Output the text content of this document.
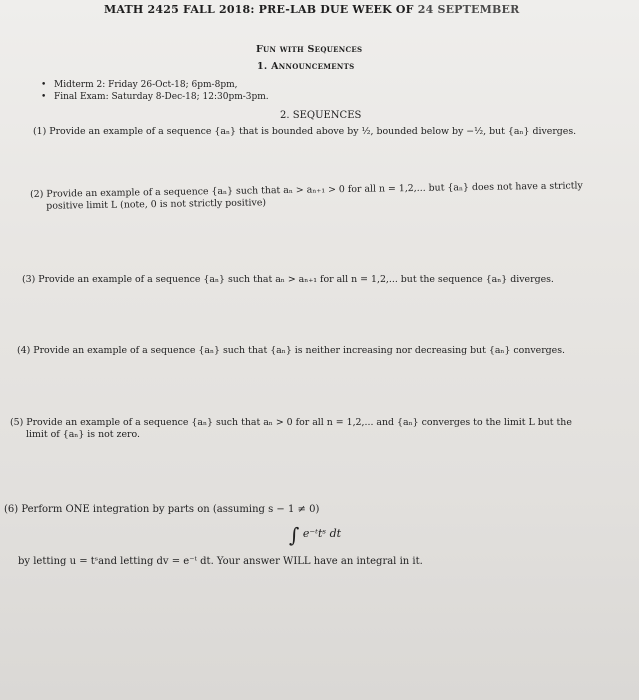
MATH 2425 FALL 2018: PRE-LAB DUE WEEK OF 24 SEPTEMBER
Fun with Sequences
1. Announcements
• Midterm 2: Friday 26-Oct-18; 6pm-8pm,
• Final Exam: Saturday 8-Dec-18; 12:30pm-3pm.
2. SEQUENCES
(1) Provide an example of a sequence {aₙ} that is bounded above by ¹⁄₂, bounded below by −¹⁄₂, but {aₙ} diverges.
(2) Provide an example of a sequence {aₙ} such that aₙ > aₙ₊₁ > 0 for all n = 1,2,... but {aₙ} does not have a strictly
positive limit L (note, 0 is not strictly positive)
(3) Provide an example of a sequence {aₙ} such that aₙ > aₙ₊₁ for all n = 1,2,... but the sequence {aₙ} diverges.
(4) Provide an example of a sequence {aₙ} such that {aₙ} is neither increasing nor decreasing but {aₙ} converges.
(5) Provide an example of a sequence {aₙ} such that aₙ > 0 for all n = 1,2,... and {aₙ} converges to the limit L but the
limit of {aₙ} is not zero.
(6) Perform ONE integration by parts on (assuming s − 1 ≠ 0)
∫ e⁻ᵗtˢ dt
by letting u = tˢand letting dv = e⁻ᵗ dt. Your answer WILL have an integral in it.
